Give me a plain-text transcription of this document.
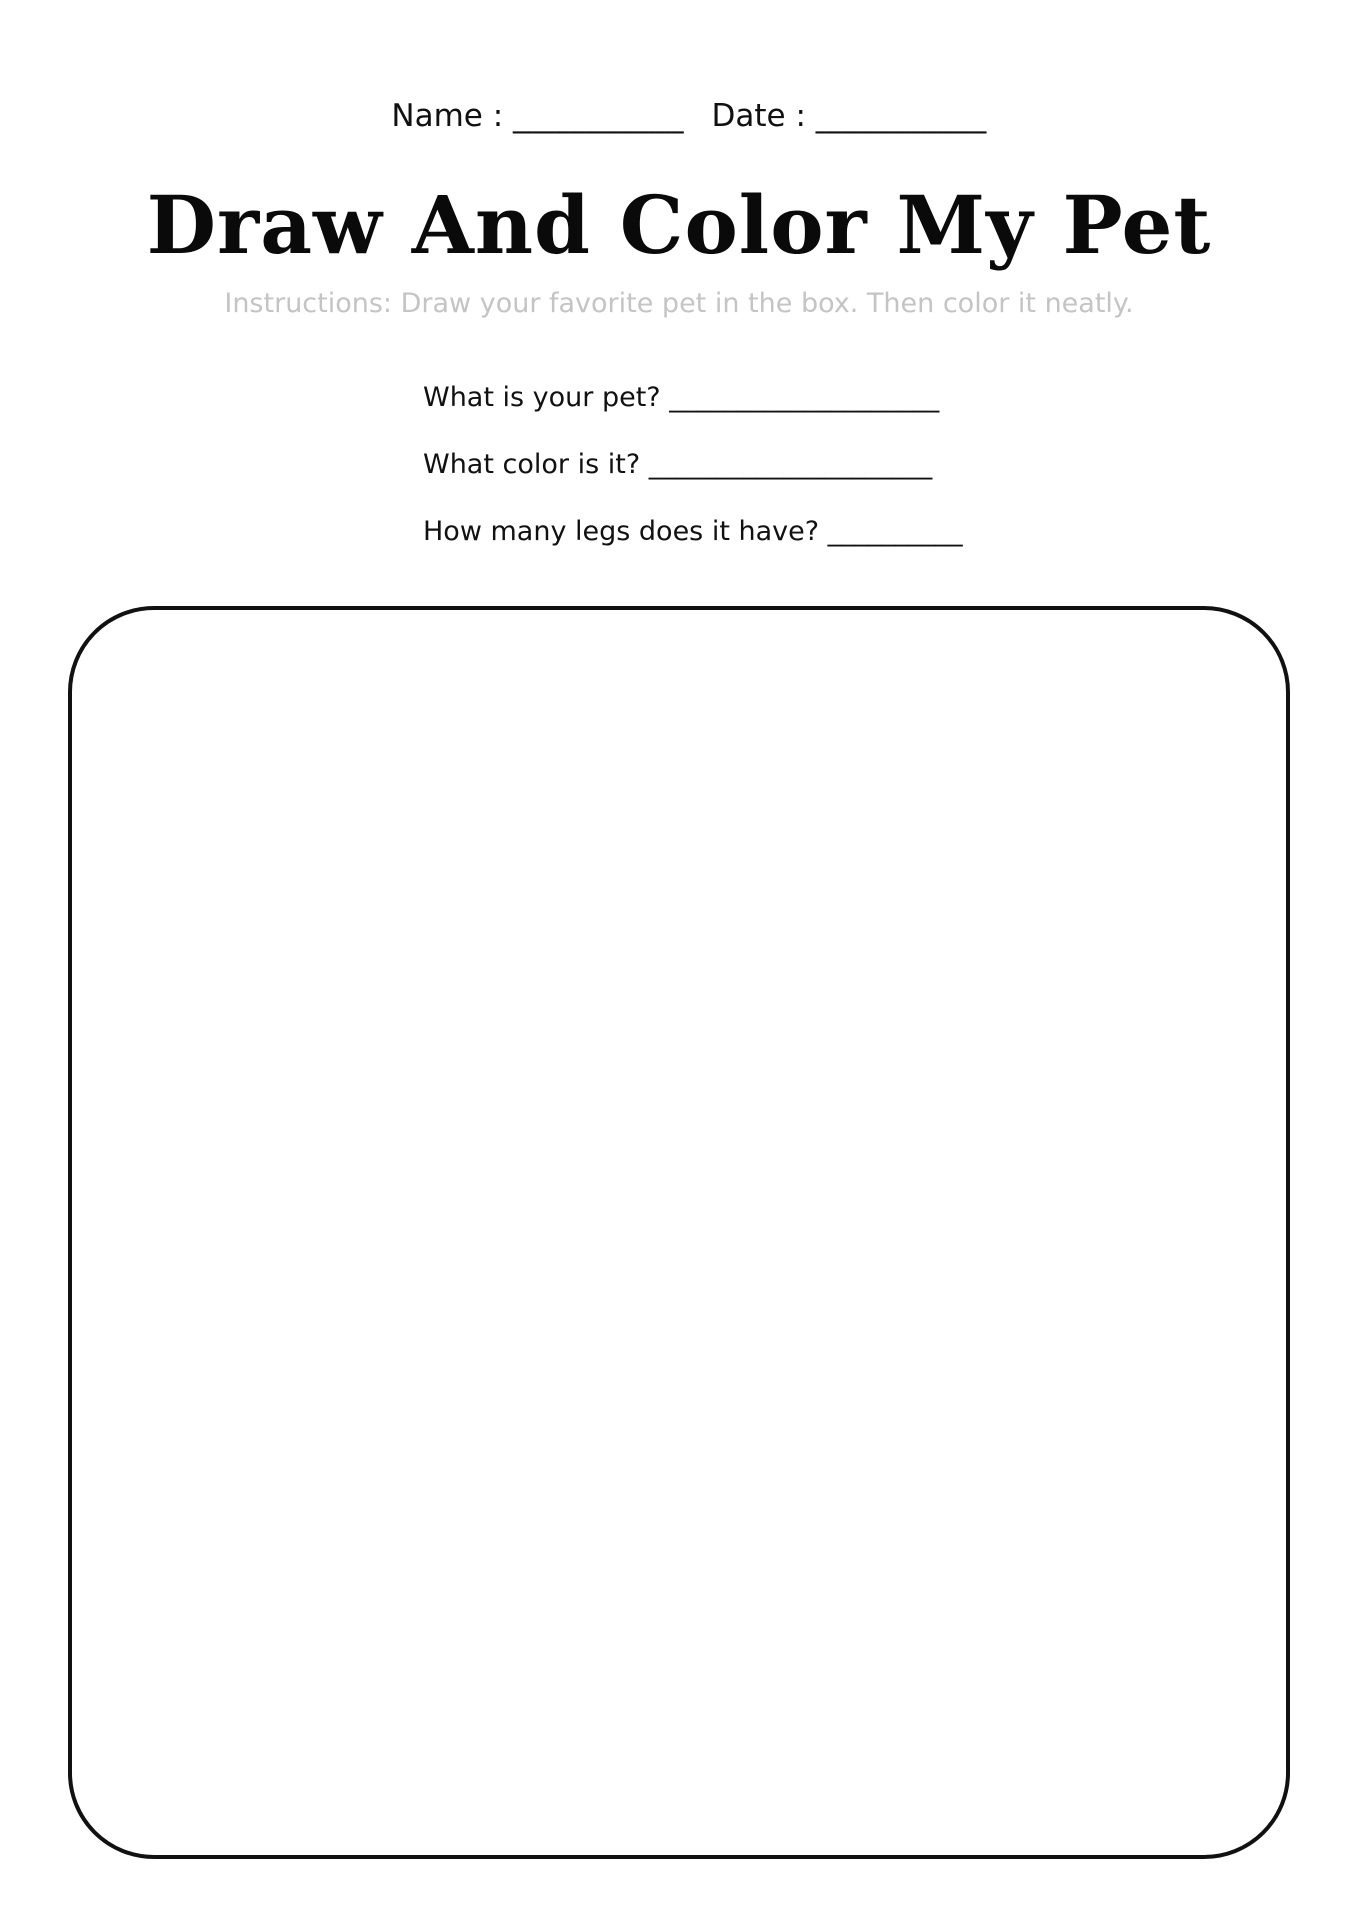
Name : ___________ Date : ___________

Draw And Color My Pet
Instructions: Draw your favorite pet in the box. Then color it neatly.
What is your pet? ____________________
What color is it? _____________________
How many legs does it have? __________
